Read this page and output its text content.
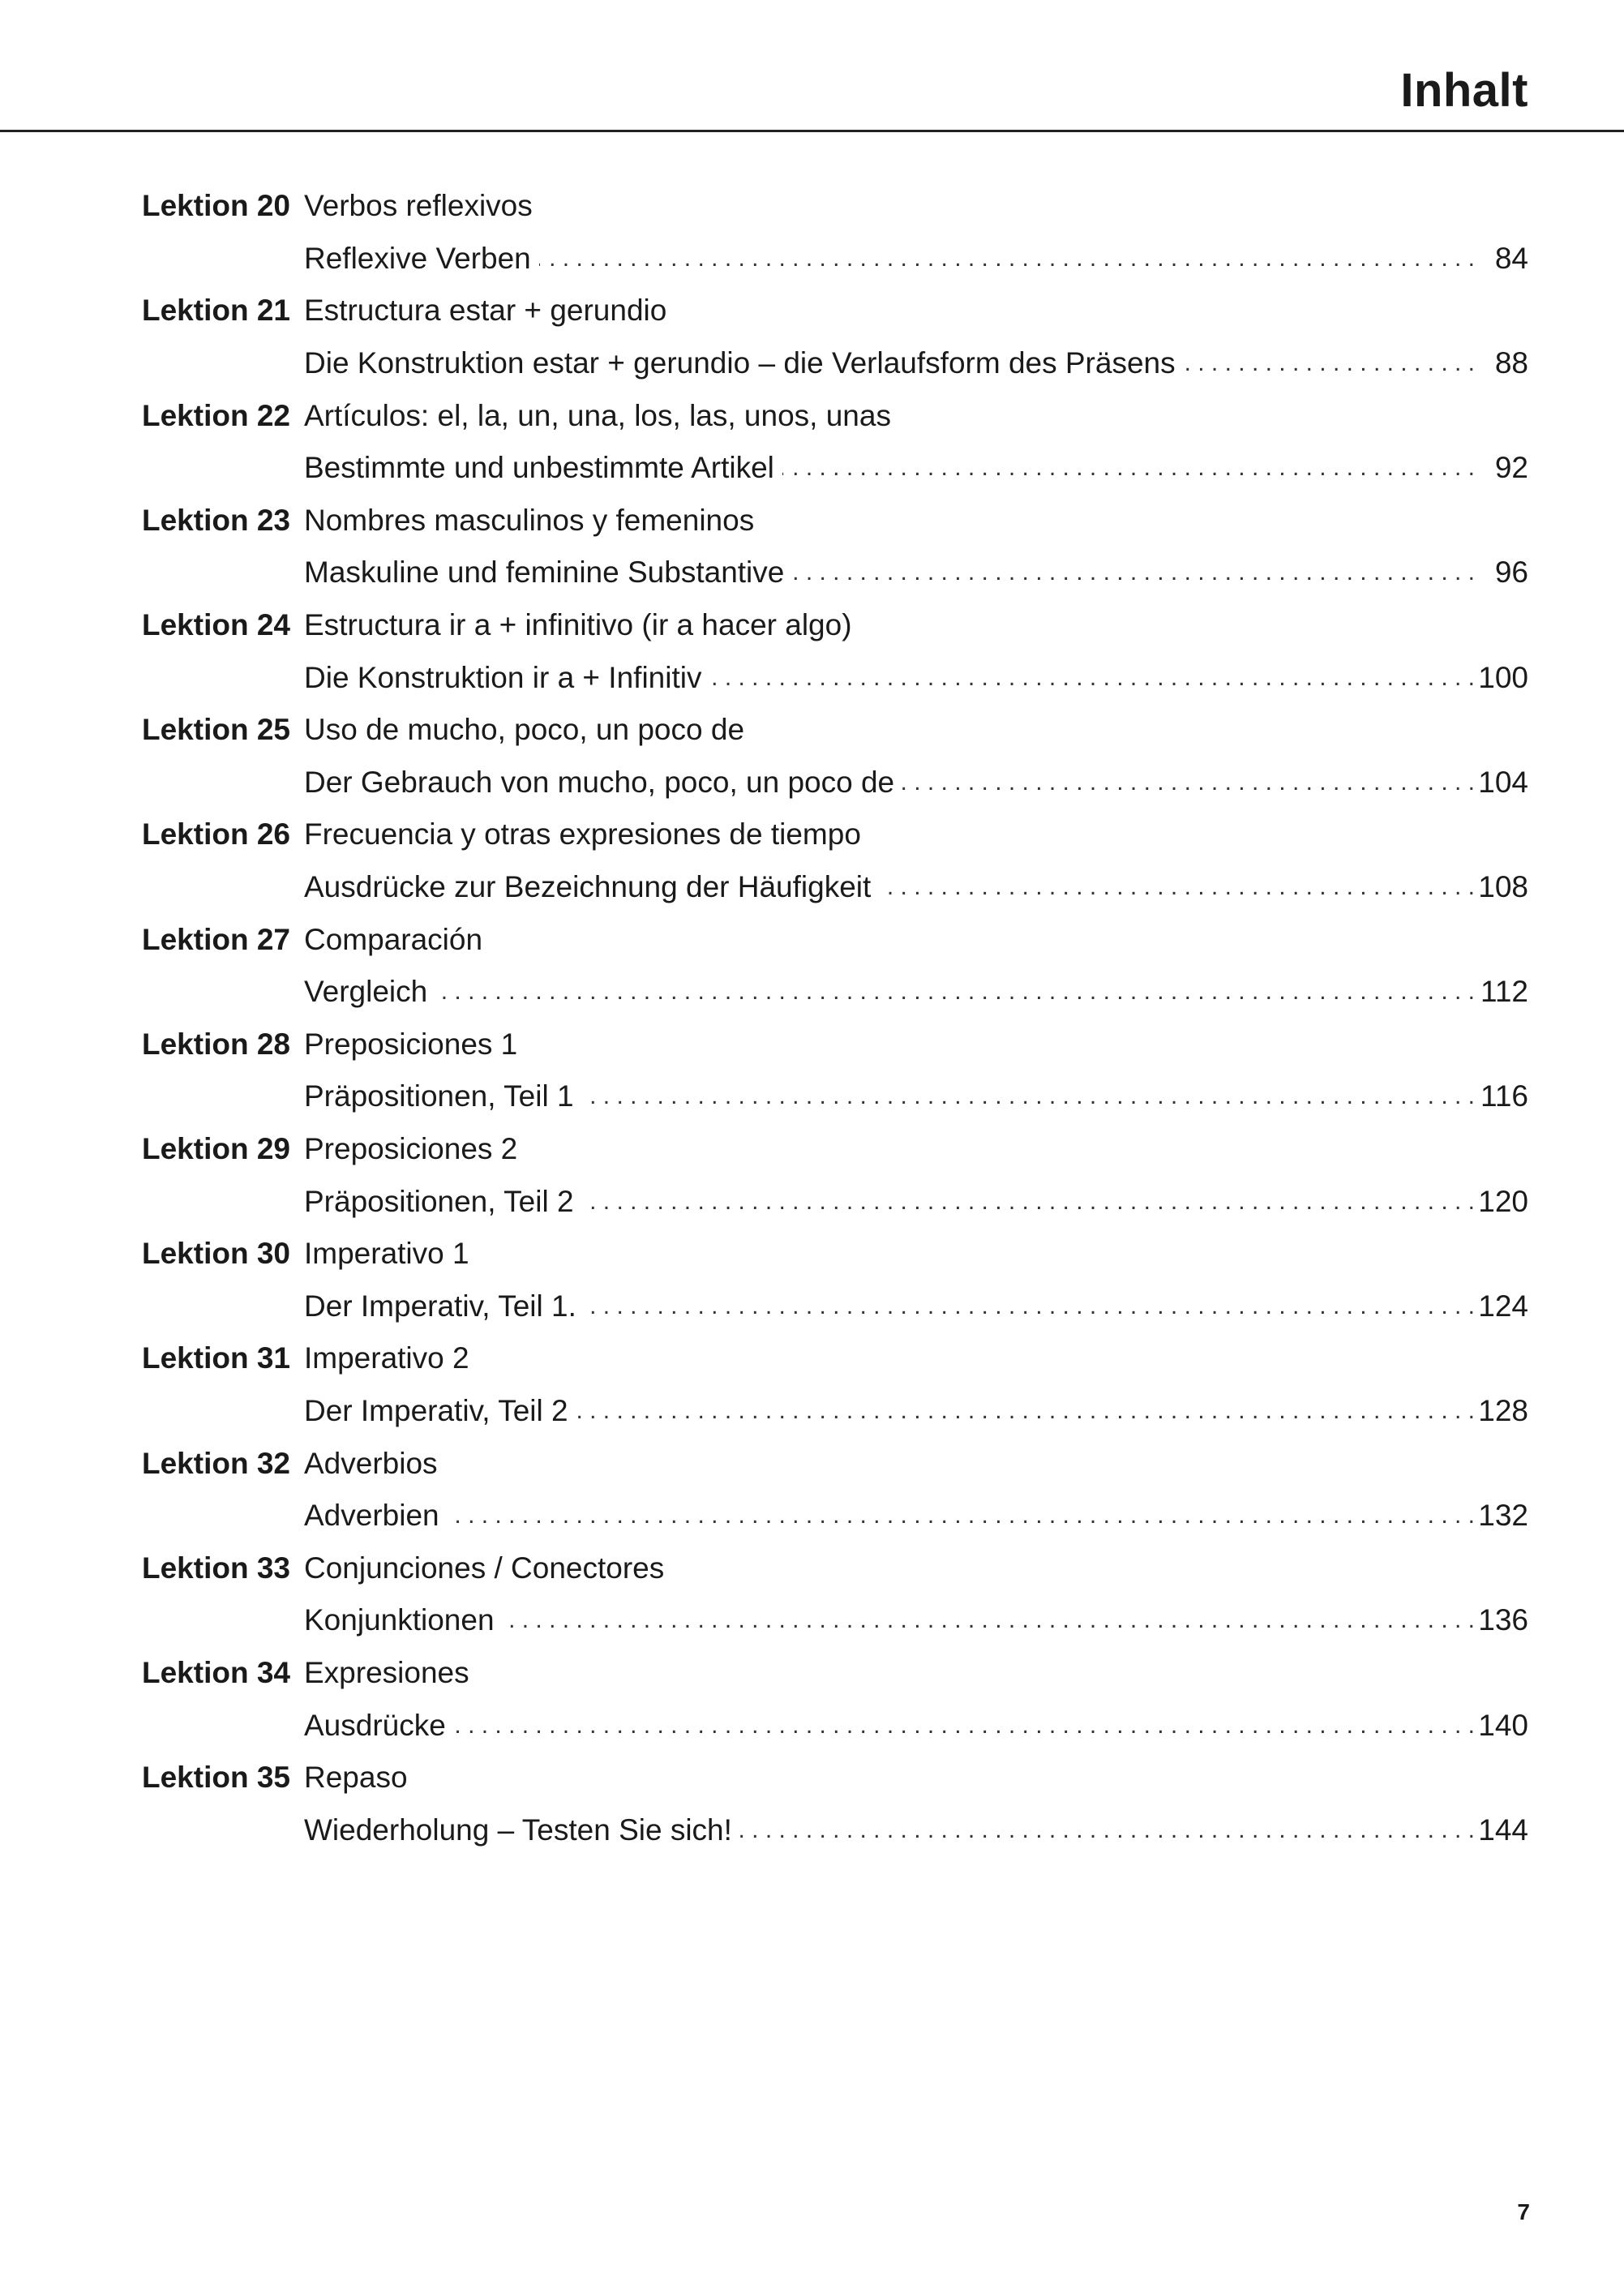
Inhalt
Lektion 20 Verbos reflexivos
Reflexive Verben . . .	84
Lektion 21 Estructura estar + gerundio
Die Konstruktion estar + gerundio – die Verlaufsform des Präsens . . .	88
Lektion 22 Artículos: el, la, un, una, los, las, unos, unas
Bestimmte und unbestimmte Artikel . . .	92
Lektion 23 Nombres masculinos y femeninos
Maskuline und feminine Substantive . . .	96
Lektion 24 Estructura ir a + infinitivo (ir a hacer algo)
Die Konstruktion ir a + Infinitiv . . .	100
Lektion 25 Uso de mucho, poco, un poco de
Der Gebrauch von mucho, poco, un poco de . . .	104
Lektion 26 Frecuencia y otras expresiones de tiempo
Ausdrücke zur Bezeichnung der Häufigkeit . . .	108
Lektion 27 Comparación
Vergleich . . .	112
Lektion 28 Preposiciones 1
Präpositionen, Teil 1 . . .	116
Lektion 29 Preposiciones 2
Präpositionen, Teil 2 . . .	120
Lektion 30 Imperativo 1
Der Imperativ, Teil 1. . . .	124
Lektion 31 Imperativo 2
Der Imperativ, Teil 2 . . .	128
Lektion 32 Adverbios
Adverbien . . .	132
Lektion 33 Conjunciones / Conectores
Konjunktionen . . .	136
Lektion 34 Expresiones
Ausdrücke . . .	140
Lektion 35 Repaso
Wiederholung – Testen Sie sich! . . .	144
7
